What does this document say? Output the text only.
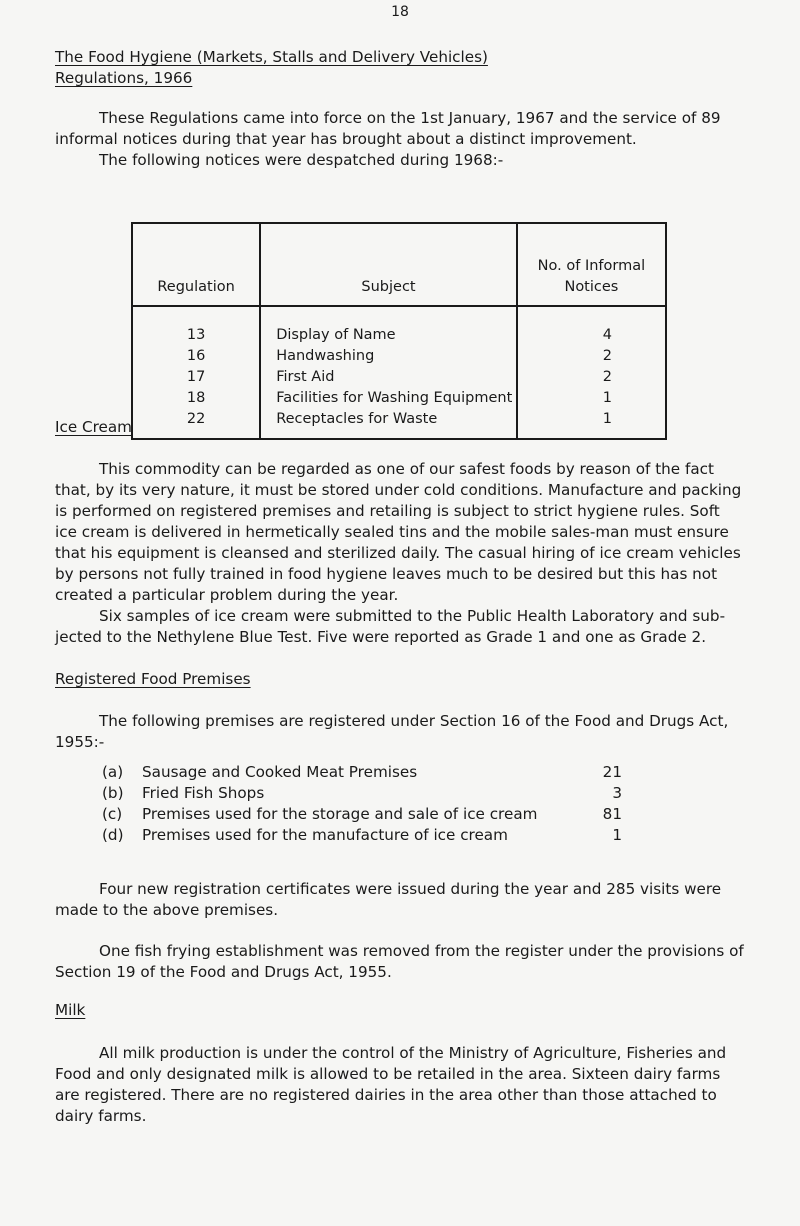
18
The Food Hygiene (Markets, Stalls and Delivery Vehicles)
Regulations, 1966

These Regulations came into force on the 1st January, 1967 and the service of 89 informal notices during that year has brought about a distinct improvement.

The following notices were despatched during 1968:-

Regulation	Subject	No. of Informal Notices
13	Display of Name	4
16	Handwashing	2
17	First Aid	2
18	Facilities for Washing Equipment	1
22	Receptacles for Waste	1
Ice Cream

This commodity can be regarded as one of our safest foods by reason of the fact that, by its very nature, it must be stored under cold conditions. Manufacture and packing is performed on registered premises and retailing is subject to strict hygiene rules. Soft ice cream is delivered in hermetically sealed tins and the mobile sales-man must ensure that his equipment is cleansed and sterilized daily. The casual hiring of ice cream vehicles by persons not fully trained in food hygiene leaves much to be desired but this has not created a particular problem during the year.

Six samples of ice cream were submitted to the Public Health Laboratory and sub-jected to the Nethylene Blue Test. Five were reported as Grade 1 and one as Grade 2.

Registered Food Premises

The following premises are registered under Section 16 of the Food and Drugs Act, 1955:-

(a)	Sausage and Cooked Meat Premises	21
(b)	Fried Fish Shops	3
(c)	Premises used for the storage and sale of ice cream	81
(d)	Premises used for the manufacture of ice cream	1

Four new registration certificates were issued during the year and 285 visits were made to the above premises.

One fish frying establishment was removed from the register under the provisions of Section 19 of the Food and Drugs Act, 1955.

Milk

All milk production is under the control of the Ministry of Agriculture, Fisheries and Food and only designated milk is allowed to be retailed in the area. Sixteen dairy farms are registered. There are no registered dairies in the area other than those attached to dairy farms.
